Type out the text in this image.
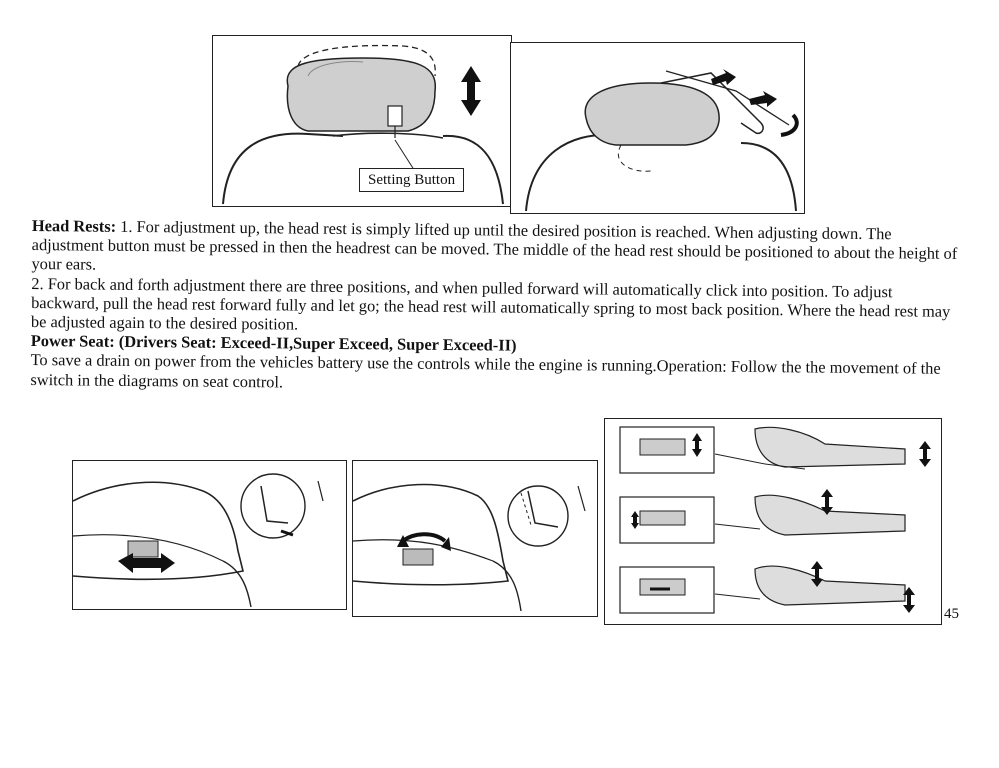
Setting Button

Head Rests: 1. For adjustment up, the head rest is simply lifted up until the desired position is reached. When adjusting down. The adjustment button must be pressed in then the headrest can be moved. The middle of the head rest should be positioned to about the height of your ears.

2. For back and forth adjustment there are three positions, and when pulled forward will automatically click into position. To adjust backward, pull the head rest forward fully and let go; the head rest will automatically spring to most back position. Where the head rest may be adjusted again to the desired position.

Power Seat: (Drivers Seat: Exceed-II,Super Exceed, Super Exceed-II)

To save a drain on power from the vehicles battery use the controls while the engine is running.Operation: Follow the the movement of the switch in the diagrams on seat control.

45
